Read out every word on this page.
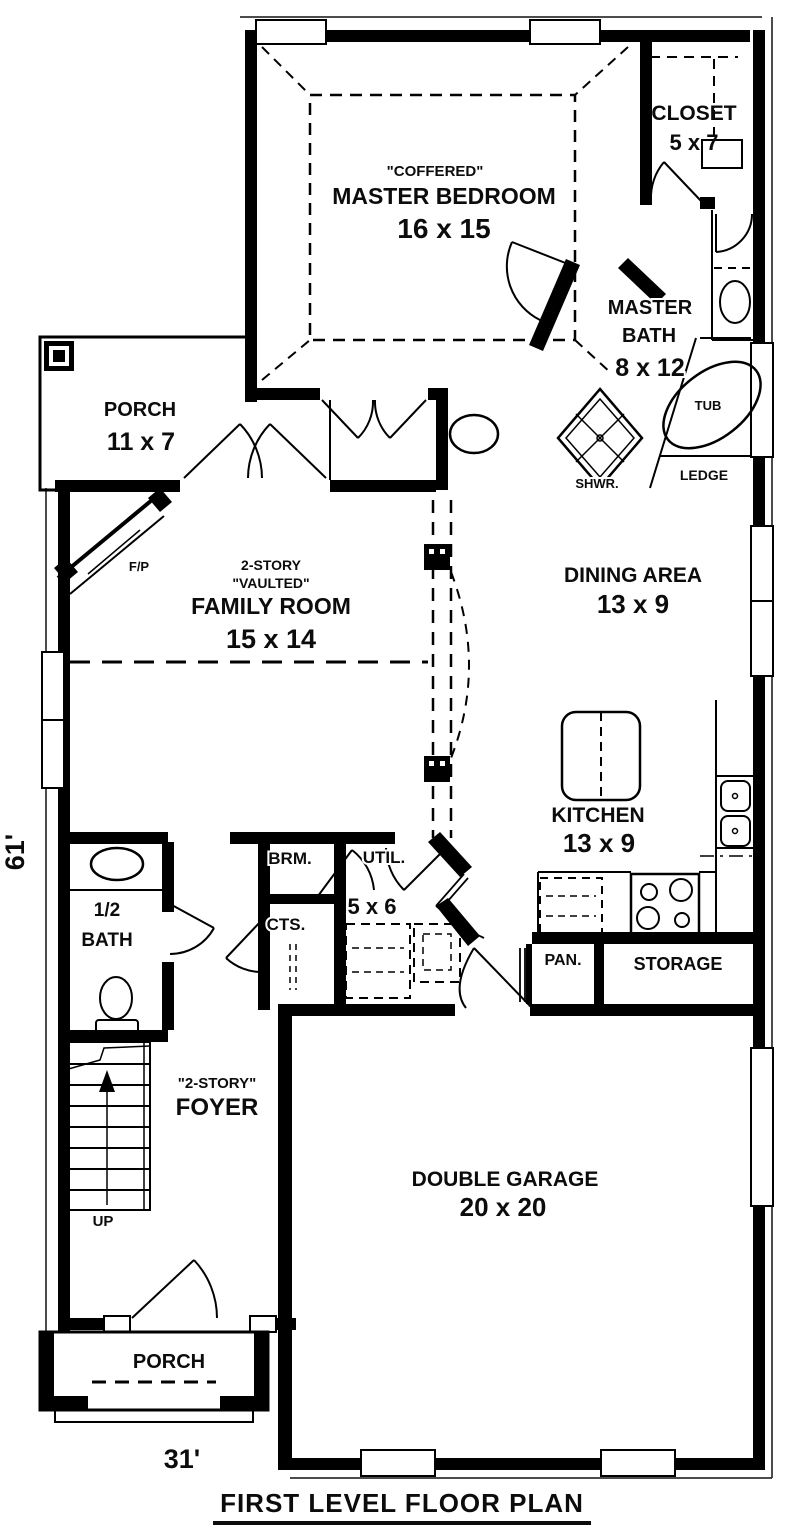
"COFFERED"
MASTER BEDROOM
16 x 15
CLOSET
5 x 7
MASTER
BATH
8 x 12
TUB
LEDGE
SHWR.
PORCH
11 x 7
F/P	2-STORY
"VAULTED"
FAMILY ROOM
15 x 14
DINING AREA
13 x 9
KITCHEN
13 x 9
1/2
BATH
BRM.	UTIL.
5 x 6
CTS.
PAN.	STORAGE
"2-STORY"
FOYER
UP
DOUBLE GARAGE
20 x 20
PORCH
61'
31'
FIRST LEVEL FLOOR PLAN
